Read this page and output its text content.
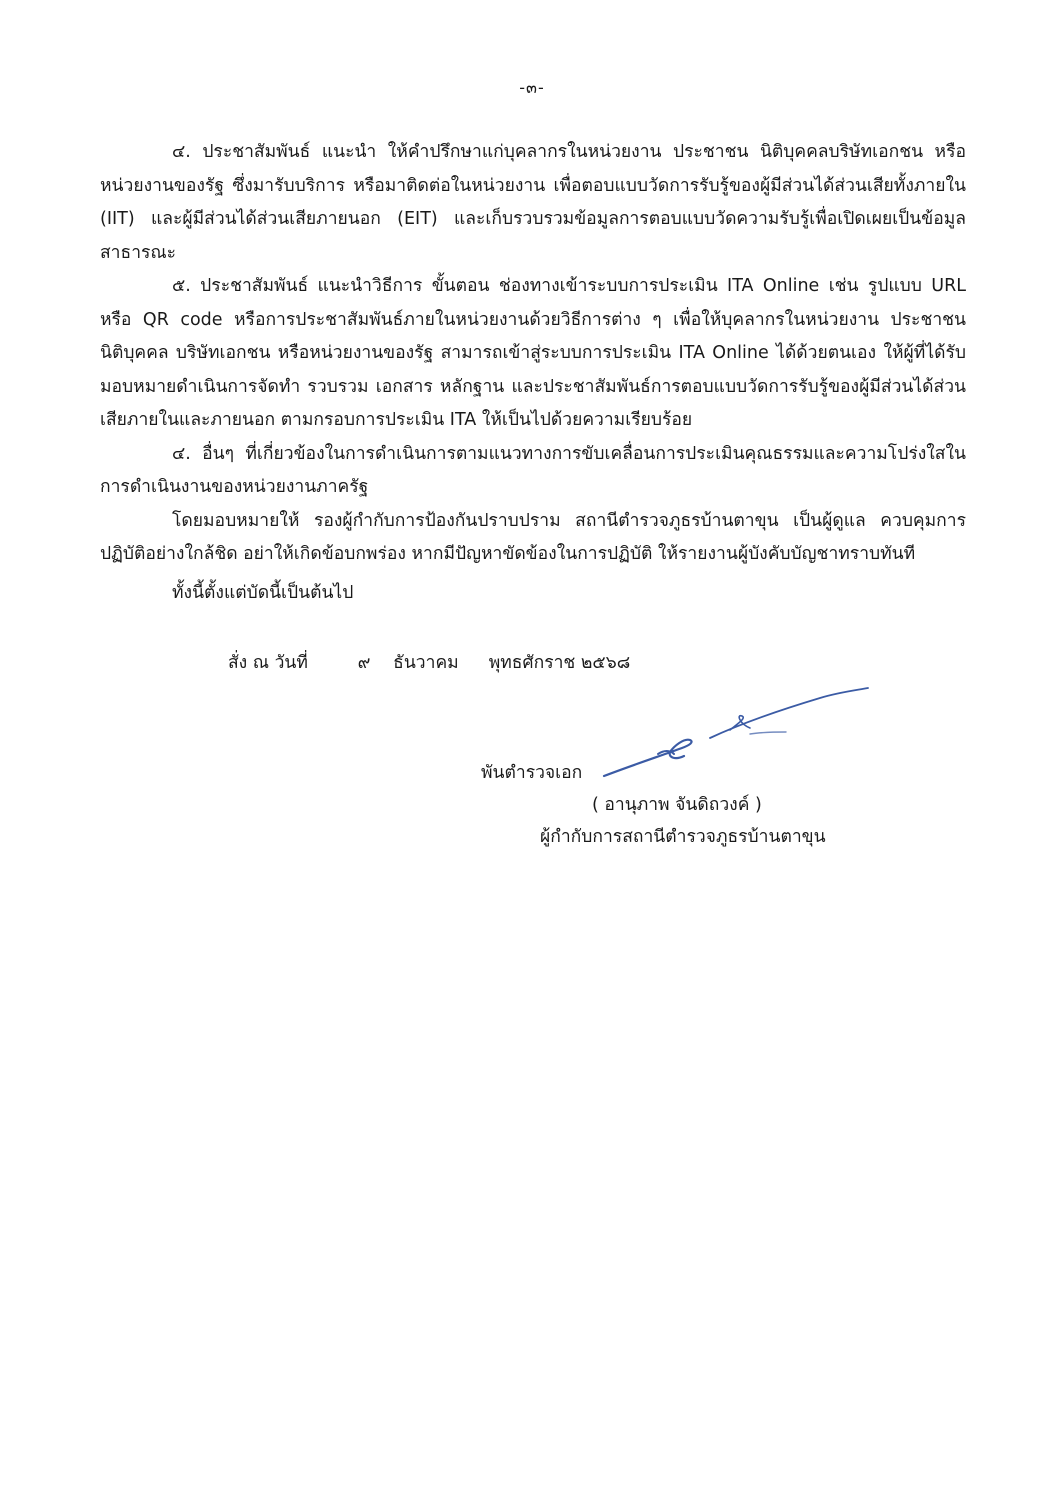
-๓-

๔. ประชาสัมพันธ์ แนะนำ ให้คำปรึกษาแก่บุคลากรในหน่วยงาน ประชาชน นิติบุคคลบริษัทเอกชน หรือหน่วยงานของรัฐ ซึ่งมารับบริการ หรือมาติดต่อในหน่วยงาน เพื่อตอบแบบวัดการรับรู้ของผู้มีส่วนได้ส่วนเสียทั้งภายใน (IIT) และผู้มีส่วนได้ส่วนเสียภายนอก (EIT) และเก็บรวบรวมข้อมูลการตอบแบบวัดความรับรู้เพื่อเปิดเผยเป็นข้อมูลสาธารณะ

๕. ประชาสัมพันธ์ แนะนำวิธีการ ขั้นตอน ช่องทางเข้าระบบการประเมิน ITA Online เช่น รูปแบบ URL หรือ QR code หรือการประชาสัมพันธ์ภายในหน่วยงานด้วยวิธีการต่าง ๆ เพื่อให้บุคลากรในหน่วยงาน ประชาชน นิติบุคคล บริษัทเอกชน หรือหน่วยงานของรัฐ สามารถเข้าสู่ระบบการประเมิน ITA Online ได้ด้วยตนเอง ให้ผู้ที่ได้รับมอบหมายดำเนินการจัดทำ รวบรวม เอกสาร หลักฐาน และประชาสัมพันธ์การตอบแบบวัดการรับรู้ของผู้มีส่วนได้ส่วนเสียภายในและภายนอก ตามกรอบการประเมิน ITA ให้เป็นไปด้วยความเรียบร้อย

๔. อื่นๆ ที่เกี่ยวข้องในการดำเนินการตามแนวทางการขับเคลื่อนการประเมินคุณธรรมและความโปร่งใสในการดำเนินงานของหน่วยงานภาครัฐ

โดยมอบหมายให้ รองผู้กำกับการป้องกันปราบปราม สถานีตำรวจภูธรบ้านตาขุน เป็นผู้ดูแล ควบคุมการปฏิบัติอย่างใกล้ชิด อย่าให้เกิดข้อบกพร่อง หากมีปัญหาขัดข้องในการปฏิบัติ ให้รายงานผู้บังคับบัญชาทราบทันที

ทั้งนี้ตั้งแต่บัดนี้เป็นต้นไป
สั่ง ณ วันที่	๙ ธันวาคม พุทธศักราช ๒๕๖๘
พันตำรวจเอก
( อานุภาพ จันดิถวงค์ )
ผู้กำกับการสถานีตำรวจภูธรบ้านตาขุน
